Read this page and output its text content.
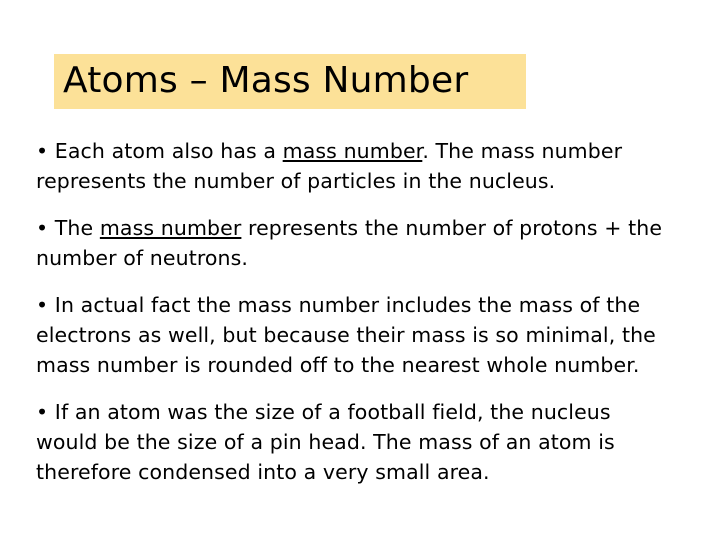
Atoms – Mass Number

• Each atom also has a mass number. The mass number represents the number of particles in the nucleus.

• The mass number represents the number of protons + the number of neutrons.

• In actual fact the mass number includes the mass of the electrons as well, but because their mass is so minimal, the mass number is rounded off to the nearest whole number.

• If an atom was the size of a football field, the nucleus would be the size of a pin head. The mass of an atom is therefore condensed into a very small area.
